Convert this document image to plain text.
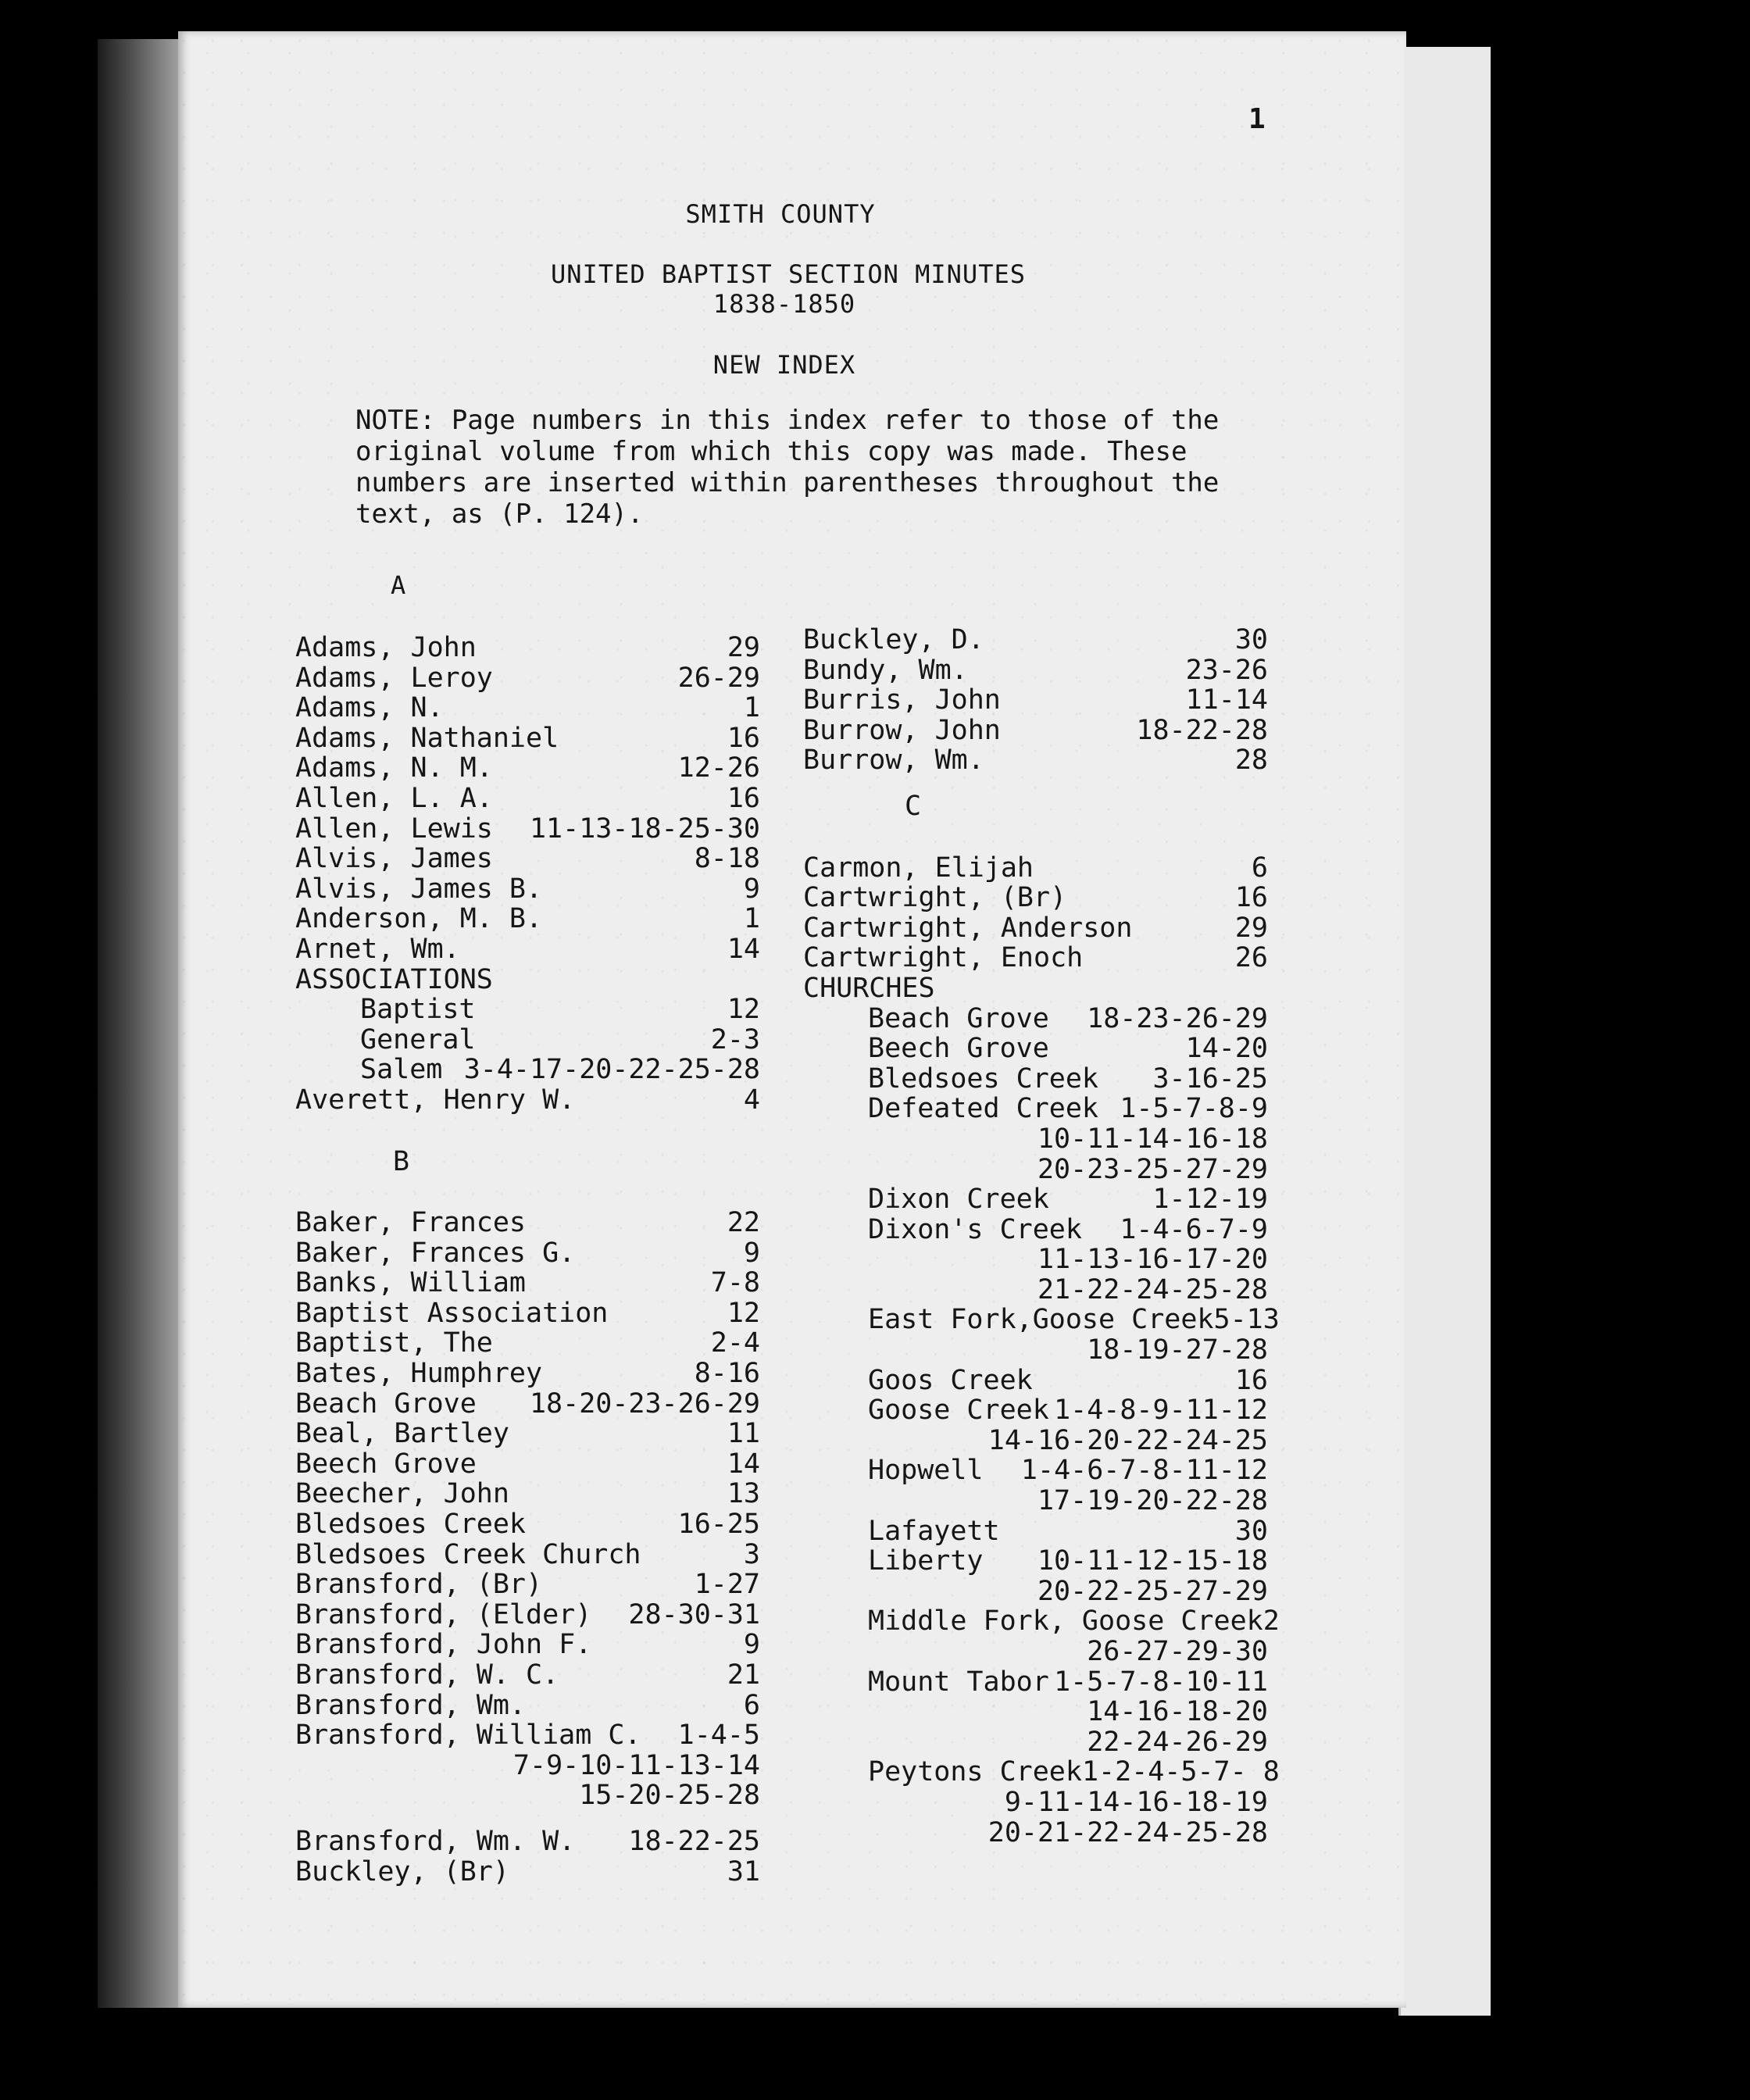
1
SMITH COUNTY
UNITED BAPTIST SECTION MINUTES
1838-1850
NEW INDEX
NOTE: Page numbers in this index refer to those of the original volume from which this copy was made. These numbers are inserted within parentheses throughout the text, as (P. 124).
A
Adams, John	29
Adams, Leroy	26-29
Adams, N.	1
Adams, Nathaniel	16
Adams, N. M.	12-26
Allen, L. A.	16
Allen, Lewis 11-13-18-25-30
Alvis, James	8-18
Alvis, James B.	9
Anderson, M. B.	1
Arnet, Wm.	14
ASSOCIATIONS
Baptist	12
General	2-3
Salem 3-4-17-20-22-25-28
Averett, Henry W.	4
B
Baker, Frances	22
Baker, Frances G.	9
Banks, William	7-8
Baptist Association	12
Baptist, The	2-4
Bates, Humphrey	8-16
Beach Grove 18-20-23-26-29
Beal, Bartley	11
Beech Grove	14
Beecher, John	13
Bledsoes Creek	16-25
Bledsoes Creek Church	3
Bransford, (Br)	1-27
Bransford, (Elder) 28-30-31
Bransford, John F.	9
Bransford, W. C.	21
Bransford, Wm.	6
Bransford, William C. 1-4-5
7-9-10-11-13-14
15-20-25-28
Bransford, Wm. W. 18-22-25
Buckley, (Br)	31
Buckley, D.	30
Bundy, Wm.	23-26
Burris, John	11-14
Burrow, John	18-22-28
Burrow, Wm.	28
C
Carmon, Elijah	6
Cartwright, (Br)	16
Cartwright, Anderson	29
Cartwright, Enoch	26
CHURCHES
Beach Grove 18-23-26-29
Beech Grove	14-20
Bledsoes Creek 3-16-25
Defeated Creek 1-5-7-8-9
10-11-14-16-18
20-23-25-27-29
Dixon Creek	1-12-19
Dixon's Creek 1-4-6-7-9
11-13-16-17-20
21-22-24-25-28
East Fork,Goose Creek 5-13
18-19-27-28
Goos Creek	16
Goose Creek 1-4-8-9-11-12
14-16-20-22-24-25
Hopwell 1-4-6-7-8-11-12
17-19-20-22-28
Lafayett	30
Liberty 10-11-12-15-18
20-22-25-27-29
Middle Fork, Goose Creek 2
26-27-29-30
Mount Tabor 1-5-7-8-10-11
14-16-18-20
22-24-26-29
Peytons Creek 1-2-4-5-7- 8
9-11-14-16-18-19
20-21-22-24-25-28
